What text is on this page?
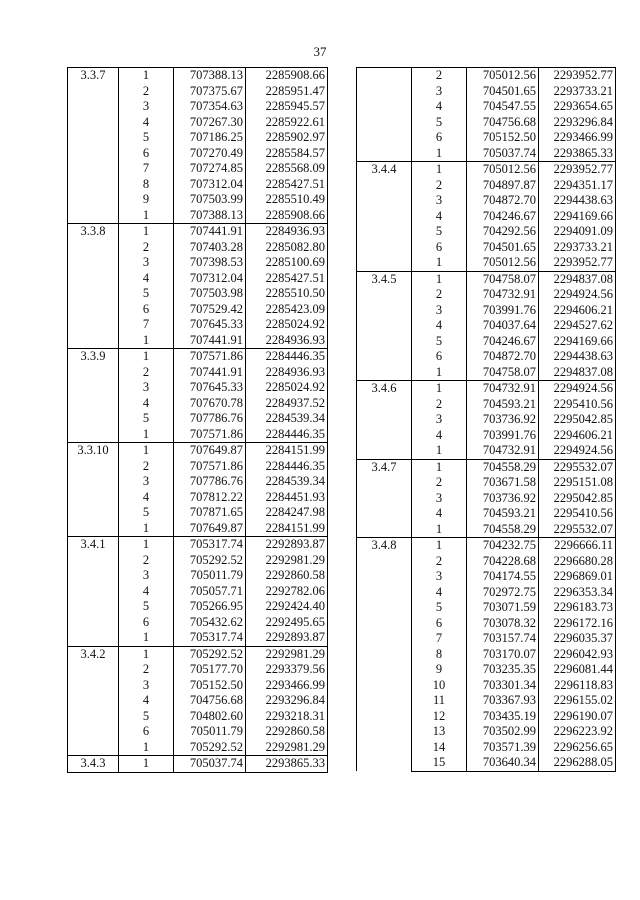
37
3.3.7	1	707388.13	2285908.66
	2	707375.67	2285951.47
	3	707354.63	2285945.57
	4	707267.30	2285922.61
	5	707186.25	2285902.97
	6	707270.49	2285584.57
	7	707274.85	2285568.09
	8	707312.04	2285427.51
	9	707503.99	2285510.49
	1	707388.13	2285908.66
3.3.8	1	707441.91	2284936.93
	2	707403.28	2285082.80
	3	707398.53	2285100.69
	4	707312.04	2285427.51
	5	707503.98	2285510.50
	6	707529.42	2285423.09
	7	707645.33	2285024.92
	1	707441.91	2284936.93
3.3.9	1	707571.86	2284446.35
	2	707441.91	2284936.93
	3	707645.33	2285024.92
	4	707670.78	2284937.52
	5	707786.76	2284539.34
	1	707571.86	2284446.35
3.3.10	1	707649.87	2284151.99
	2	707571.86	2284446.35
	3	707786.76	2284539.34
	4	707812.22	2284451.93
	5	707871.65	2284247.98
	1	707649.87	2284151.99
3.4.1	1	705317.74	2292893.87
	2	705292.52	2292981.29
	3	705011.79	2292860.58
	4	705057.71	2292782.06
	5	705266.95	2292424.40
	6	705432.62	2292495.65
	1	705317.74	2292893.87
3.4.2	1	705292.52	2292981.29
	2	705177.70	2293379.56
	3	705152.50	2293466.99
	4	704756.68	2293296.84
	5	704802.60	2293218.31
	6	705011.79	2292860.58
	1	705292.52	2292981.29
3.4.3	1	705037.74	2293865.33
	2	705012.56	2293952.77
	3	704501.65	2293733.21
	4	704547.55	2293654.65
	5	704756.68	2293296.84
	6	705152.50	2293466.99
	1	705037.74	2293865.33
3.4.4	1	705012.56	2293952.77
	2	704897.87	2294351.17
	3	704872.70	2294438.63
	4	704246.67	2294169.66
	5	704292.56	2294091.09
	6	704501.65	2293733.21
	1	705012.56	2293952.77
3.4.5	1	704758.07	2294837.08
	2	704732.91	2294924.56
	3	703991.76	2294606.21
	4	704037.64	2294527.62
	5	704246.67	2294169.66
	6	704872.70	2294438.63
	1	704758.07	2294837.08
3.4.6	1	704732.91	2294924.56
	2	704593.21	2295410.56
	3	703736.92	2295042.85
	4	703991.76	2294606.21
	1	704732.91	2294924.56
3.4.7	1	704558.29	2295532.07
	2	703671.58	2295151.08
	3	703736.92	2295042.85
	4	704593.21	2295410.56
	1	704558.29	2295532.07
3.4.8	1	704232.75	2296666.11
	2	704228.68	2296680.28
	3	704174.55	2296869.01
	4	702972.75	2296353.34
	5	703071.59	2296183.73
	6	703078.32	2296172.16
	7	703157.74	2296035.37
	8	703170.07	2296042.93
	9	703235.35	2296081.44
	10	703301.34	2296118.83
	11	703367.93	2296155.02
	12	703435.19	2296190.07
	13	703502.99	2296223.92
	14	703571.39	2296256.65
	15	703640.34	2296288.05
